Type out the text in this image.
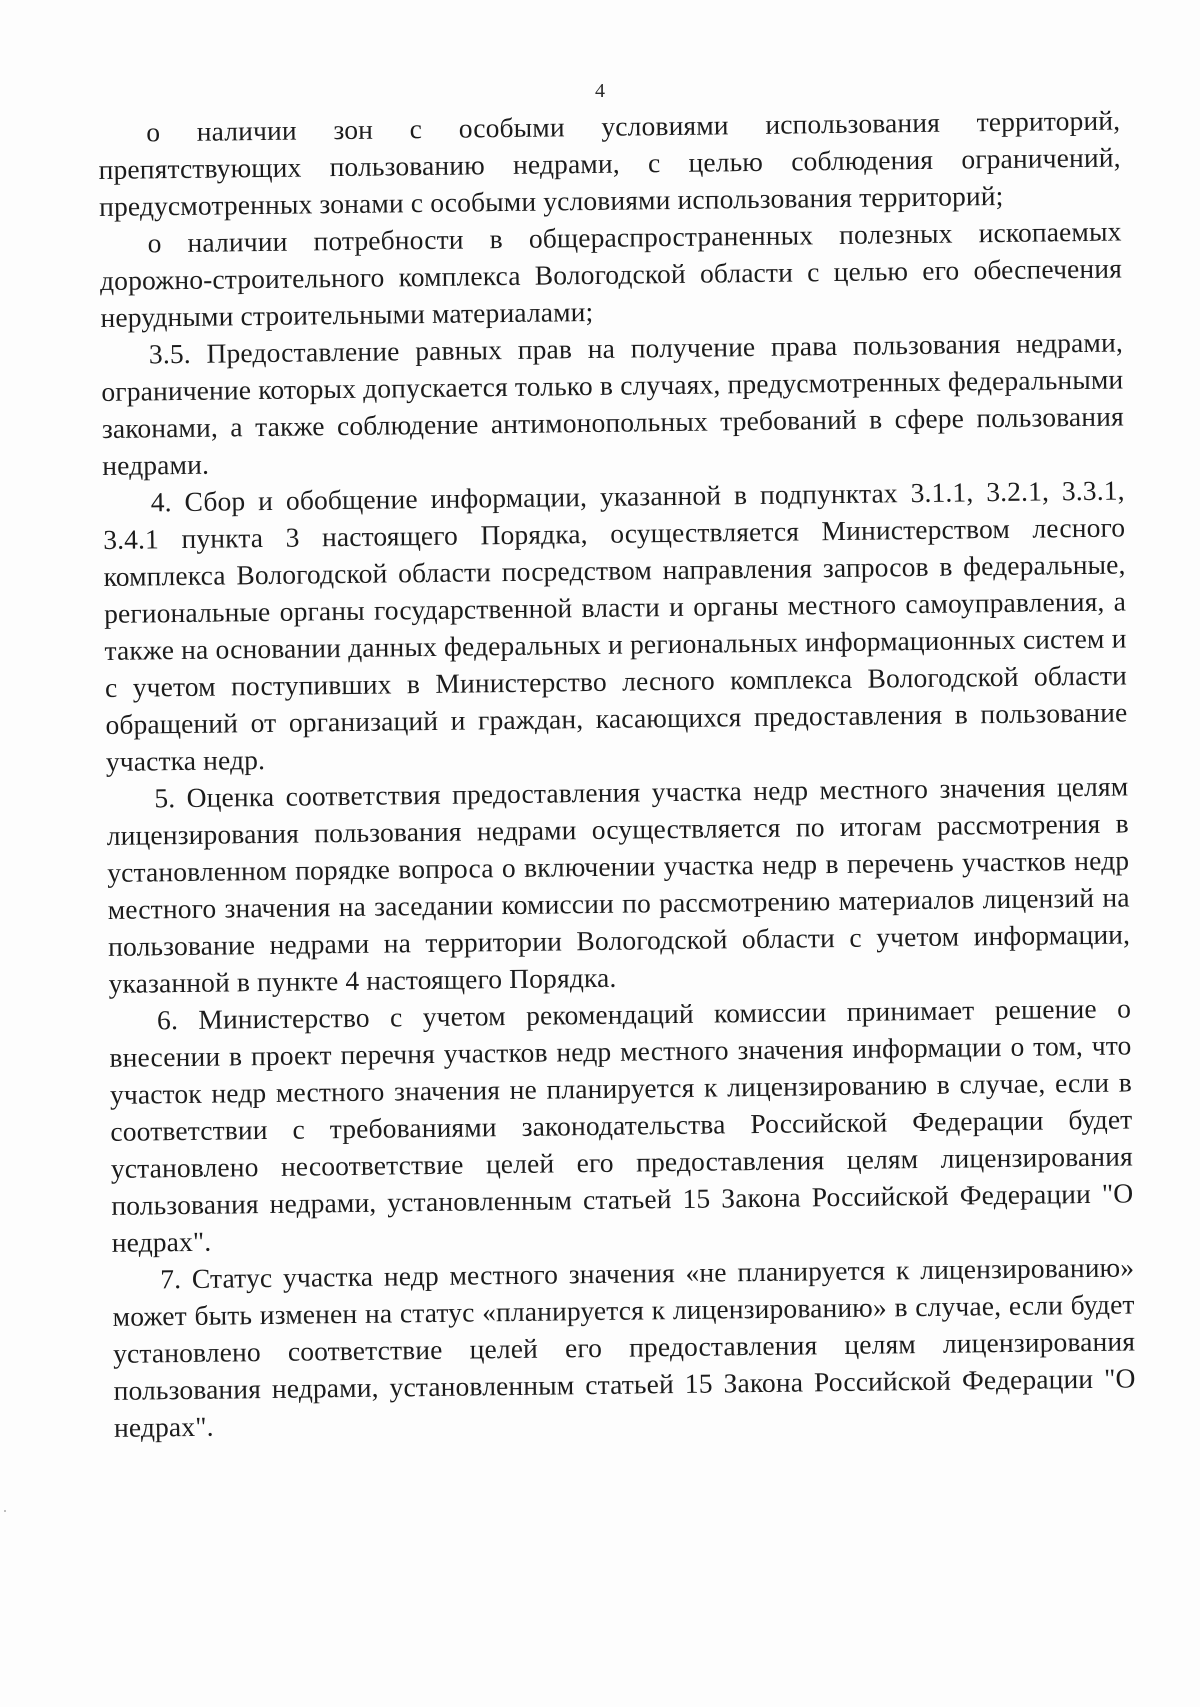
4

о наличии зон с особыми условиями использования территорий, препятствующих пользованию недрами, с целью соблюдения ограничений, предусмотренных зонами с особыми условиями использования территорий;

о наличии потребности в общераспространенных полезных ископаемых дорожно-строительного комплекса Вологодской области с целью его обеспечения нерудными строительными материалами;

3.5. Предоставление равных прав на получение права пользования недрами, ограничение которых допускается только в случаях, предусмотренных федеральными законами, а также соблюдение антимонопольных требований в сфере пользования недрами.

4. Сбор и обобщение информации, указанной в подпунктах 3.1.1, 3.2.1, 3.3.1, 3.4.1 пункта 3 настоящего Порядка, осуществляется Министерством лесного комплекса Вологодской области посредством направления запросов в федеральные, региональные органы государственной власти и органы местного самоуправления, а также на основании данных федеральных и региональных информационных систем и с учетом поступивших в Министерство лесного комплекса Вологодской области обращений от организаций и граждан, касающихся предоставления в пользование участка недр.

5. Оценка соответствия предоставления участка недр местного значения целям лицензирования пользования недрами осуществляется по итогам рассмотрения в установленном порядке вопроса о включении участка недр в перечень участков недр местного значения на заседании комиссии по рассмотрению материалов лицензий на пользование недрами на территории Вологодской области с учетом информации, указанной в пункте 4 настоящего Порядка.

6. Министерство с учетом рекомендаций комиссии принимает решение о внесении в проект перечня участков недр местного значения информации о том, что участок недр местного значения не планируется к лицензированию в случае, если в соответствии с требованиями законодательства Российской Федерации будет установлено несоответствие целей его предоставления целям лицензирования пользования недрами, установленным статьей 15 Закона Российской Федерации "О недрах".

7. Статус участка недр местного значения «не планируется к лицензированию» может быть изменен на статус «планируется к лицензированию» в случае, если будет установлено соответствие целей его предоставления целям лицензирования пользования недрами, установленным статьей 15 Закона Российской Федерации "О недрах".
